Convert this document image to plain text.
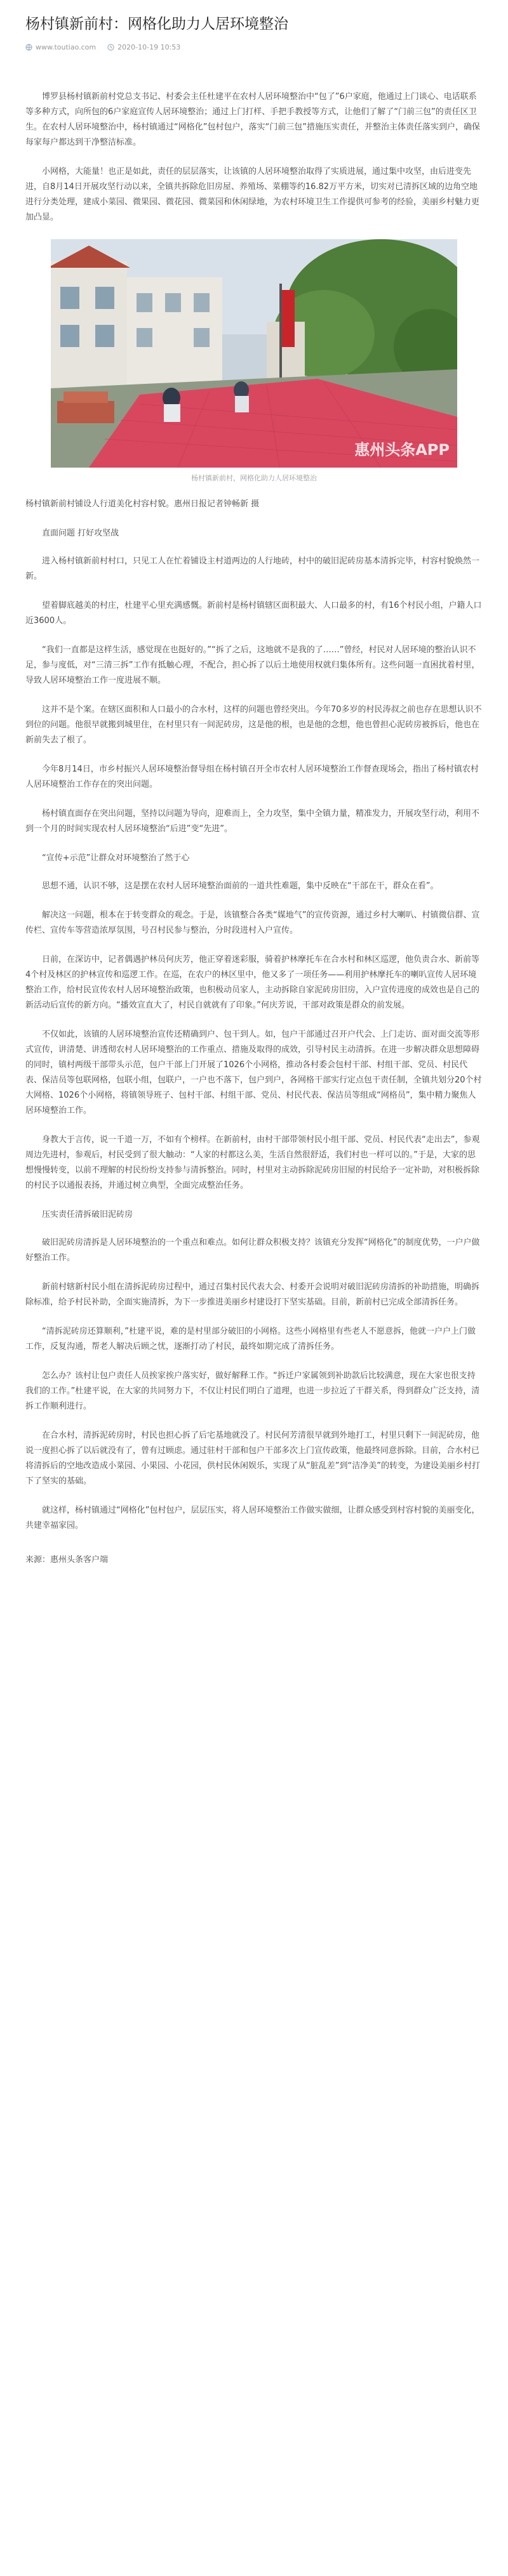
杨村镇新前村：网格化助力人居环境整治
www.toutiao.com	2020-10-19 10:53

博罗县杨村镇新前村党总支书记、村委会主任杜建平在农村人居环境整治中“包了”6户家庭，他通过上门谈心、电话联系等多种方式，向所包的6户家庭宣传人居环境整治；通过上门打样、手把手教授等方式，让他们了解了“门前三包”的责任区卫生。在农村人居环境整治中，杨村镇通过“网格化”包村包户，落实“门前三包”措施压实责任，并整治主体责任落实到户，确保每家每户都达到干净整洁标准。

小网格，大能量！也正是如此，责任的层层落实，让该镇的人居环境整治取得了实质进展，通过集中攻坚，由后进变先进，自8月14日开展攻坚行动以来，全镇共拆除危旧房屋、养殖场、菜棚等约16.82万平方米，切实对已清拆区域的边角空地进行分类处理，建成小菜园、微果园、微花园、微菜园和休闲绿地，为农村环境卫生工作提供可参考的经验，美丽乡村魅力更加凸显。

惠州头条APP
杨村镇新前村，网格化助力人居环境整治

杨村镇新前村铺设人行道美化村容村貌。惠州日报记者钟畅新 摄

直面问题 打好攻坚战

进入杨村镇新前村村口，只见工人在忙着铺设主村道两边的人行地砖，村中的破旧泥砖房基本清拆完毕，村容村貌焕然一新。

望着脚底越美的村庄，杜建平心里充满感慨。新前村是杨村镇辖区面积最大、人口最多的村，有16个村民小组，户籍人口近3600人。

“我们一直都是这样生活，感觉现在也挺好的。”“拆了之后，这地就不是我的了……”曾经，村民对人居环境的整治认识不足，参与度低，对“三清三拆”工作有抵触心理，不配合，担心拆了以后土地使用权就归集体所有。这些问题一直困扰着村里，导致人居环境整治工作一度进展不顺。

这并不是个案。在辖区面积和人口最小的合水村，这样的问题也曾经突出。今年70多岁的村民涛叔之前也存在思想认识不到位的问题。他很早就搬到城里住，在村里只有一间泥砖房，这是他的根，也是他的念想，他也曾担心泥砖房被拆后，他也在新前失去了根了。

今年8月14日，市乡村振兴人居环境整治督导组在杨村镇召开全市农村人居环境整治工作督查现场会，指出了杨村镇农村人居环境整治工作存在的突出问题。

杨村镇直面存在突出问题，坚持以问题为导向，迎难而上，全力攻坚，集中全镇力量，精准发力，开展攻坚行动，利用不到一个月的时间实现农村人居环境整治“后进”变“先进”。

“宣传+示范”让群众对环境整治了然于心

思想不通，认识不够，这是摆在农村人居环境整治面前的一道共性难题，集中反映在“干部在干，群众在看”。

解决这一问题，根本在于转变群众的观念。于是，该镇整合各类“媒地气”的宣传资源，通过乡村大喇叭、村镇微信群、宣传栏、宣传车等营造浓厚氛围，号召村民参与整治，分时段进村入户宣传。

日前，在深访中，记者偶遇护林员何庆芳，他正穿着迷彩服，骑着护林摩托车在合水村和林区巡逻，他负责合水、新前等4个村及林区的护林宣传和巡逻工作。在巡，在农户的林区里中，他又多了一项任务——利用护林摩托车的喇叭宣传人居环境整治工作，给村民宣传农村人居环境整治政策，也积极动员家人，主动拆除自家泥砖房旧房，入户宣传进度的成效也是自己的新活动后宣传的新方向。“播效宣直大了，村民自就就有了印象。”何庆芳说，干部对政策是群众的前发展。

不仅如此，该镇的人居环境整治宣传还精确到户、包干到人。如，包户干部通过召开户代会、上门走访、面对面交流等形式宣传，讲清楚、讲透彻农村人居环境整治的工作重点、措施及取得的成效，引导村民主动清拆。在进一步解决群众思想障碍的同时，镇村两级干部带头示范，包户干部上门开展了1026个小网格，推动各村委会包村干部、村组干部、党员、村民代表、保洁员等包联网格，包联小组，包联户，一户也不落下，包户到户，各网格干部实行定点包干责任制，全镇共划分20个村大网格、1026个小网格，将镇领导班子、包村干部、村组干部、党员、村民代表、保洁员等组成“网格员”，集中精力聚焦人居环境整治工作。

身教大于言传，说一千道一万，不如有个榜样。在新前村，由村干部带领村民小组干部、党员、村民代表“走出去”，参观周边先进村，参观后，村民受到了很大触动：“人家的村都这么美，生活自然很舒适，我们村也一样可以的。”于是，大家的思想慢慢转变，以前不理解的村民纷纷支持参与清拆整治。同时，村里对主动拆除泥砖房旧屋的村民给予一定补助，对积极拆除的村民予以通报表扬，并通过树立典型，全面完成整治任务。

压实责任清拆破旧泥砖房

破旧泥砖房清拆是人居环境整治的一个重点和难点。如何让群众积极支持？该镇充分发挥“网格化”的制度优势，一户户做好整治工作。

新前村辖新村民小组在清拆泥砖房过程中，通过召集村民代表大会、村委开会说明对破旧泥砖房清拆的补助措施，明确拆除标准，给予村民补助，全面实施清拆，为下一步推进美丽乡村建设打下坚实基础。目前，新前村已完成全部清拆任务。

“清拆泥砖房还算顺利，”杜建平说，难的是村里部分破旧的小网格。这些小网格里有些老人不愿意拆，他就一户户上门做工作，反复沟通，帮老人解决后顾之忧，逐渐打动了村民，最终如期完成了清拆任务。

怎么办？该村让包户责任人员挨家挨户落实好，做好解释工作。“拆迁户家属领到补助款后比较满意，现在大家也很支持我们的工作。”杜建平说，在大家的共同努力下，不仅让村民们明白了道理，也进一步拉近了干群关系，得到群众广泛支持，清拆工作顺利进行。

在合水村，清拆泥砖房时，村民也担心拆了后宅基地就没了。村民何芳清很早就到外地打工，村里只剩下一间泥砖房，他说一度担心拆了以后就没有了，曾有过顾虑。通过驻村干部和包户干部多次上门宣传政策，他最终同意拆除。目前，合水村已将清拆后的空地改造成小菜园、小果园、小花园，供村民休闲娱乐，实现了从“脏乱差”到“洁净美”的转变，为建设美丽乡村打下了坚实的基础。

就这样，杨村镇通过“网格化”包村包户，层层压实，将人居环境整治工作做实做细，让群众感受到村容村貌的美丽变化，共建幸福家园。

来源：惠州头条客户端
